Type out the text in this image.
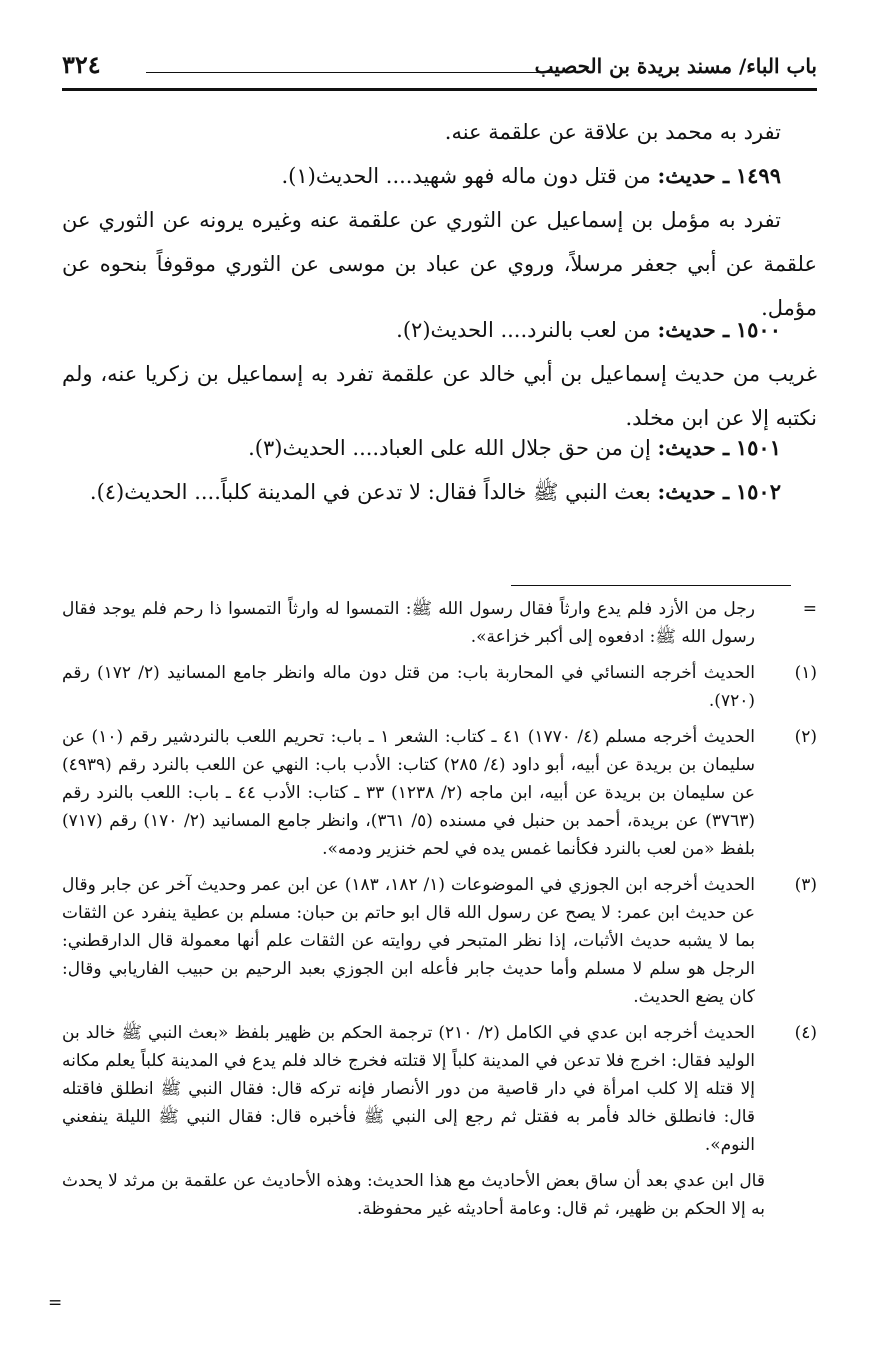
٣٢٤	باب الباء/ مسند بريدة بن الحصيب

تفرد به محمد بن علاقة عن علقمة عنه.

١٤٩٩ ـ حديث: من قتل دون ماله فهو شهيد.... الحديث(١).

تفرد به مؤمل بن إسماعيل عن الثوري عن علقمة عنه وغيره يرونه عن الثوري عن علقمة عن أبي جعفر مرسلاً، وروي عن عباد بن موسى عن الثوري موقوفاً بنحوه عن مؤمل.

١٥٠٠ ـ حديث: من لعب بالنرد.... الحديث(٢).

غريب من حديث إسماعيل بن أبي خالد عن علقمة تفرد به إسماعيل بن زكريا عنه، ولم نكتبه إلا عن ابن مخلد.

١٥٠١ ـ حديث: إن من حق جلال الله على العباد.... الحديث(٣).

١٥٠٢ ـ حديث: بعث النبي ﷺ خالداً فقال: لا تدعن في المدينة كلباً.... الحديث(٤).

=
رجل من الأزد فلم يدع وارثاً فقال رسول الله ﷺ: التمسوا له وارثاً التمسوا ذا رحم فلم يوجد فقال رسول الله ﷺ: ادفعوه إلى أكبر خزاعة».
(١)
الحديث أخرجه النسائي في المحاربة باب: من قتل دون ماله وانظر جامع المسانيد (٢/ ١٧٢) رقم (٧٢٠).
(٢)
الحديث أخرجه مسلم (٤/ ١٧٧٠) ٤١ ـ كتاب: الشعر ١ ـ باب: تحريم اللعب بالنردشير رقم (١٠) عن سليمان بن بريدة عن أبيه، أبو داود (٤/ ٢٨٥) كتاب: الأدب باب: النهي عن اللعب بالنرد رقم (٤٩٣٩) عن سليمان بن بريدة عن أبيه، ابن ماجه (٢/ ١٢٣٨) ٣٣ ـ كتاب: الأدب ٤٤ ـ باب: اللعب بالنرد رقم (٣٧٦٣) عن بريدة، أحمد بن حنبل في مسنده (٥/ ٣٦١)، وانظر جامع المسانيد (٢/ ١٧٠) رقم (٧١٧) بلفظ «من لعب بالنرد فكأنما غمس يده في لحم خنزير ودمه».
(٣)
الحديث أخرجه ابن الجوزي في الموضوعات (١/ ١٨٢، ١٨٣) عن ابن عمر وحديث آخر عن جابر وقال عن حديث ابن عمر: لا يصح عن رسول الله قال ابو حاتم بن حبان: مسلم بن عطية ينفرد عن الثقات بما لا يشبه حديث الأثبات، إذا نظر المتبحر في روايته عن الثقات علم أنها معمولة قال الدارقطني: الرجل هو سلم لا مسلم وأما حديث جابر فأعله ابن الجوزي بعبد الرحيم بن حبيب الفاريابي وقال: كان يضع الحديث.
(٤)
الحديث أخرجه ابن عدي في الكامل (٢/ ٢١٠) ترجمة الحكم بن ظهير بلفظ «بعث النبي ﷺ خالد بن الوليد فقال: اخرج فلا تدعن في المدينة كلباً إلا قتلته فخرج خالد فلم يدع في المدينة كلباً يعلم مكانه إلا قتله إلا كلب امرأة في دار قاصية من دور الأنصار فإنه تركه قال: فقال النبي ﷺ انطلق فاقتله قال: فانطلق خالد فأمر به فقتل ثم رجع إلى النبي ﷺ فأخبره قال: فقال النبي ﷺ الليلة ينفعني النوم».
قال ابن عدي بعد أن ساق بعض الأحاديث مع هذا الحديث: وهذه الأحاديث عن علقمة بن مرثد لا يحدث به إلا الحكم بن ظهير، ثم قال: وعامة أحاديثه غير محفوظة.
=
